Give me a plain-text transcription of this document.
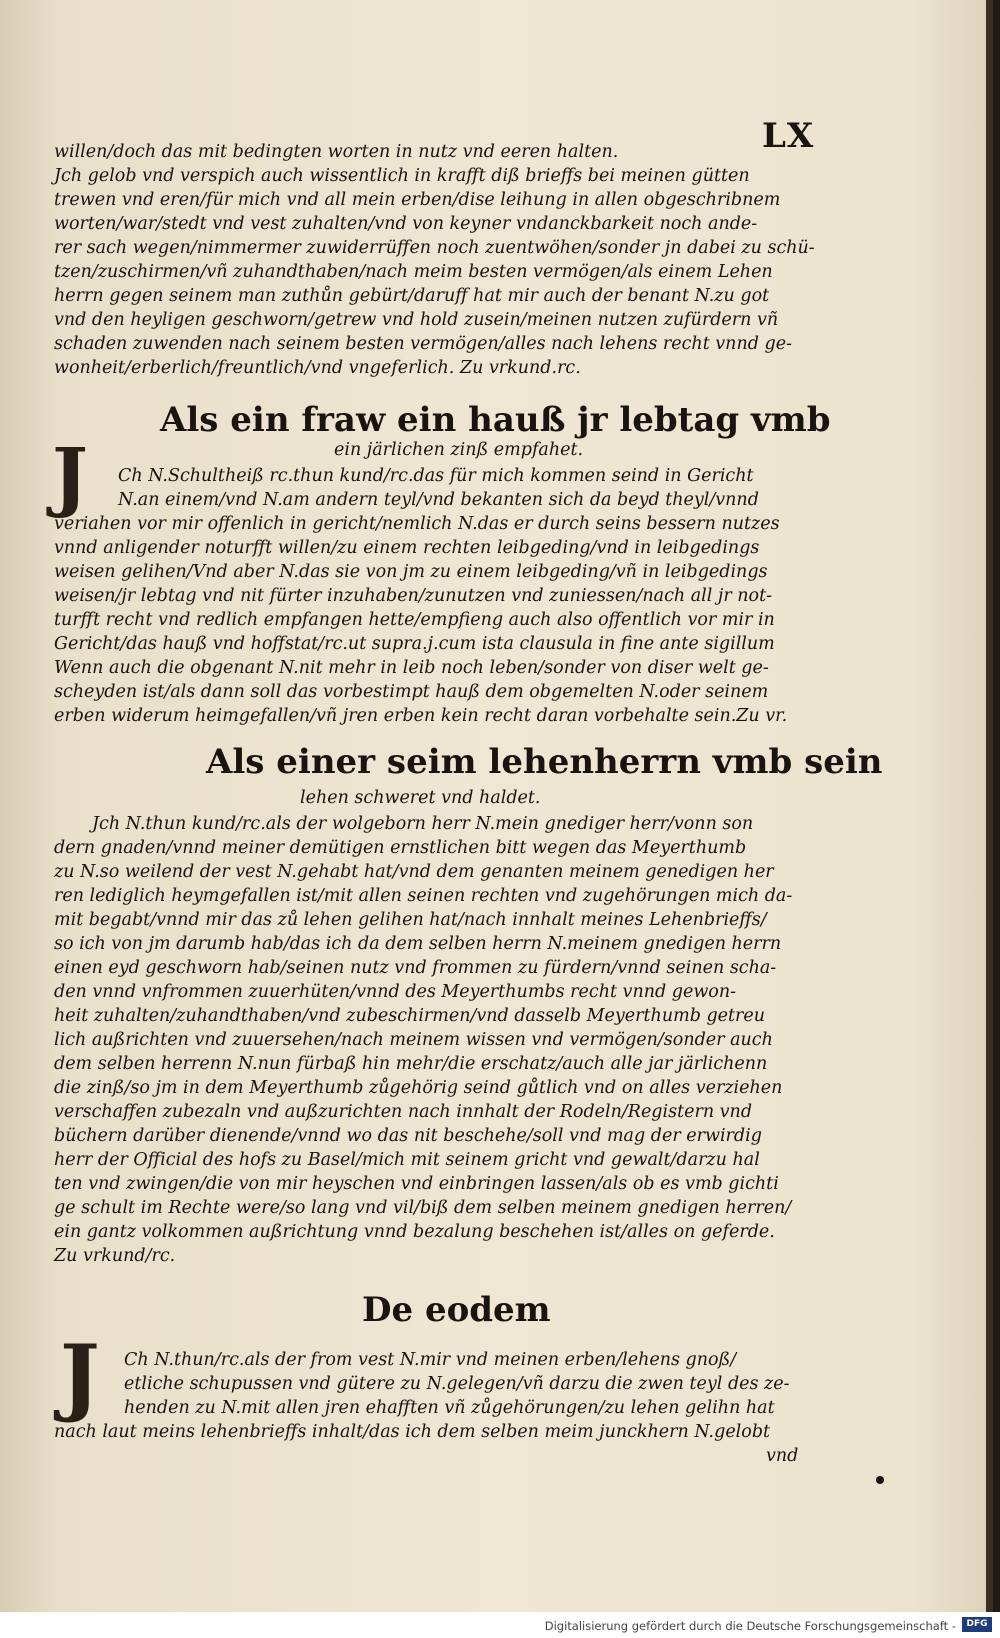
LX
willen/doch das mit bedingten worten in nutz vnd eeren halten.
Jch gelob vnd verspich auch wissentlich in krafft diß brieffs bei meinen gütten
trewen vnd eren/für mich vnd all mein erben/dise leihung in allen obgeschribnem
worten/war/stedt vnd vest zuhalten/vnd von keyner vndanckbarkeit noch ande-
rer sach wegen/nimmermer zuwiderrüffen noch zuentwöhen/sonder jn dabei zu schü-
tzen/zuschirmen/vñ zuhandthaben/nach meim besten vermögen/als einem Lehen
herrn gegen seinem man zuthůn gebürt/daruff hat mir auch der benant N.zu got
vnd den heyligen geschworn/getrew vnd hold zusein/meinen nutzen zufürdern vñ
schaden zuwenden nach seinem besten vermögen/alles nach lehens recht vnnd ge-
wonheit/erberlich/freuntlich/vnd vngeferlich. Zu vrkund.rc.
Als ein fraw ein hauß jr lebtag vmb
ein järlichen zinß empfahet.
J Ch N.Schultheiß rc.thun kund/rc.das für mich kommen seind in Gericht
N.an einem/vnd N.am andern teyl/vnd bekanten sich da beyd theyl/vnnd
veriahen vor mir offenlich in gericht/nemlich N.das er durch seins bessern nutzes
vnnd anligender noturfft willen/zu einem rechten leibgeding/vnd in leibgedings
weisen gelihen/Vnd aber N.das sie von jm zu einem leibgeding/vñ in leibgedings
weisen/jr lebtag vnd nit fürter inzuhaben/zunutzen vnd zuniessen/nach all jr not-
turfft recht vnd redlich empfangen hette/empfieng auch also offentlich vor mir in
Gericht/das hauß vnd hoffstat/rc.ut supra.j.cum ista clausula in fine ante sigillum
Wenn auch die obgenant N.nit mehr in leib noch leben/sonder von diser welt ge-
scheyden ist/als dann soll das vorbestimpt hauß dem obgemelten N.oder seinem
erben widerum heimgefallen/vñ jren erben kein recht daran vorbehalte sein.Zu vr.
Als einer seim lehenherrn vmb sein
lehen schweret vnd haldet.
Jch N.thun kund/rc.als der wolgeborn herr N.mein gnediger herr/vonn son
dern gnaden/vnnd meiner demütigen ernstlichen bitt wegen das Meyerthumb
zu N.so weilend der vest N.gehabt hat/vnd dem genanten meinem genedigen her
ren lediglich heymgefallen ist/mit allen seinen rechten vnd zugehörungen mich da-
mit begabt/vnnd mir das zů lehen gelihen hat/nach innhalt meines Lehenbrieffs/
so ich von jm darumb hab/das ich da dem selben herrn N.meinem gnedigen herrn
einen eyd geschworn hab/seinen nutz vnd frommen zu fürdern/vnnd seinen scha-
den vnnd vnfrommen zuuerhüten/vnnd des Meyerthumbs recht vnnd gewon-
heit zuhalten/zuhandthaben/vnd zubeschirmen/vnd dasselb Meyerthumb getreu
lich außrichten vnd zuuersehen/nach meinem wissen vnd vermögen/sonder auch
dem selben herrenn N.nun fürbaß hin mehr/die erschatz/auch alle jar järlichenn
die zinß/so jm in dem Meyerthumb zůgehörig seind gůtlich vnd on alles verziehen
verschaffen zubezaln vnd außzurichten nach innhalt der Rodeln/Registern vnd
büchern darüber dienende/vnnd wo das nit beschehe/soll vnd mag der erwirdig
herr der Official des hofs zu Basel/mich mit seinem gricht vnd gewalt/darzu hal
ten vnd zwingen/die von mir heyschen vnd einbringen lassen/als ob es vmb gichti
ge schult im Rechte were/so lang vnd vil/biß dem selben meinem gnedigen herren/
ein gantz volkommen außrichtung vnnd bezalung beschehen ist/alles on geferde.
Zu vrkund/rc.
De eodem
J Ch N.thun/rc.als der from vest N.mir vnd meinen erben/lehens gnoß/
etliche schupussen vnd gütere zu N.gelegen/vñ darzu die zwen teyl des ze-
henden zu N.mit allen jren ehafften vñ zůgehörungen/zu lehen gelihn hat
nach laut meins lehenbrieffs inhalt/das ich dem selben meim junckhern N.gelobt
vnd
Digitalisierung gefördert durch die Deutsche Forschungsgemeinschaft -	DFG
